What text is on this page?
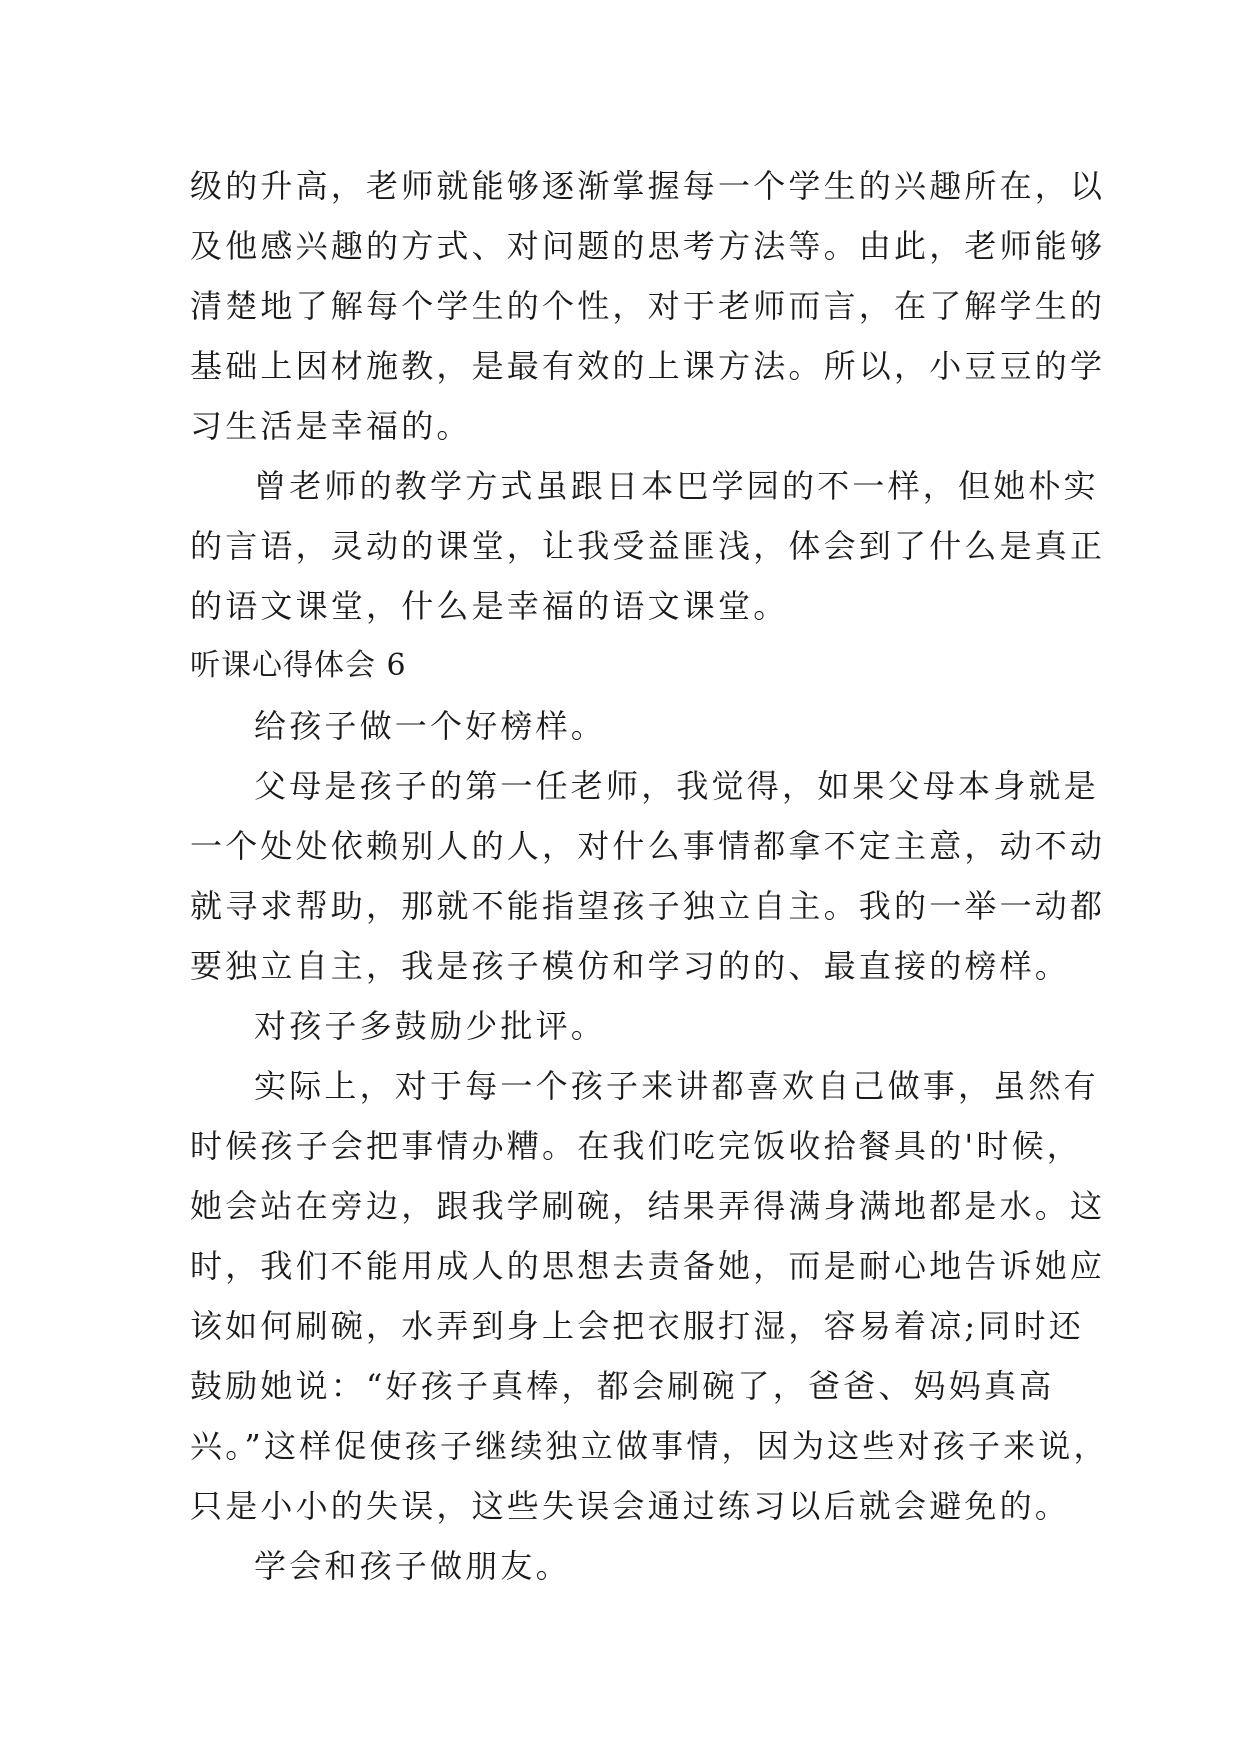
级的升高，老师就能够逐渐掌握每一个学生的兴趣所在，以
及他感兴趣的方式、对问题的思考方法等。由此，老师能够
清楚地了解每个学生的个性，对于老师而言，在了解学生的
基础上因材施教，是最有效的上课方法。所以，小豆豆的学
习生活是幸福的。
曾老师的教学方式虽跟日本巴学园的不一样，但她朴实
的言语，灵动的课堂，让我受益匪浅，体会到了什么是真正
的语文课堂，什么是幸福的语文课堂。
听课心得体会 6
给孩子做一个好榜样。
父母是孩子的第一任老师，我觉得，如果父母本身就是
一个处处依赖别人的人，对什么事情都拿不定主意，动不动
就寻求帮助，那就不能指望孩子独立自主。我的一举一动都
要独立自主，我是孩子模仿和学习的的、最直接的榜样。
对孩子多鼓励少批评。
实际上，对于每一个孩子来讲都喜欢自己做事，虽然有
时候孩子会把事情办糟。在我们吃完饭收拾餐具的'时候，
她会站在旁边，跟我学刷碗，结果弄得满身满地都是水。这
时，我们不能用成人的思想去责备她，而是耐心地告诉她应
该如何刷碗，水弄到身上会把衣服打湿，容易着凉;同时还
鼓励她说：“好孩子真棒，都会刷碗了，爸爸、妈妈真高
兴。”这样促使孩子继续独立做事情，因为这些对孩子来说，
只是小小的失误，这些失误会通过练习以后就会避免的。
学会和孩子做朋友。
